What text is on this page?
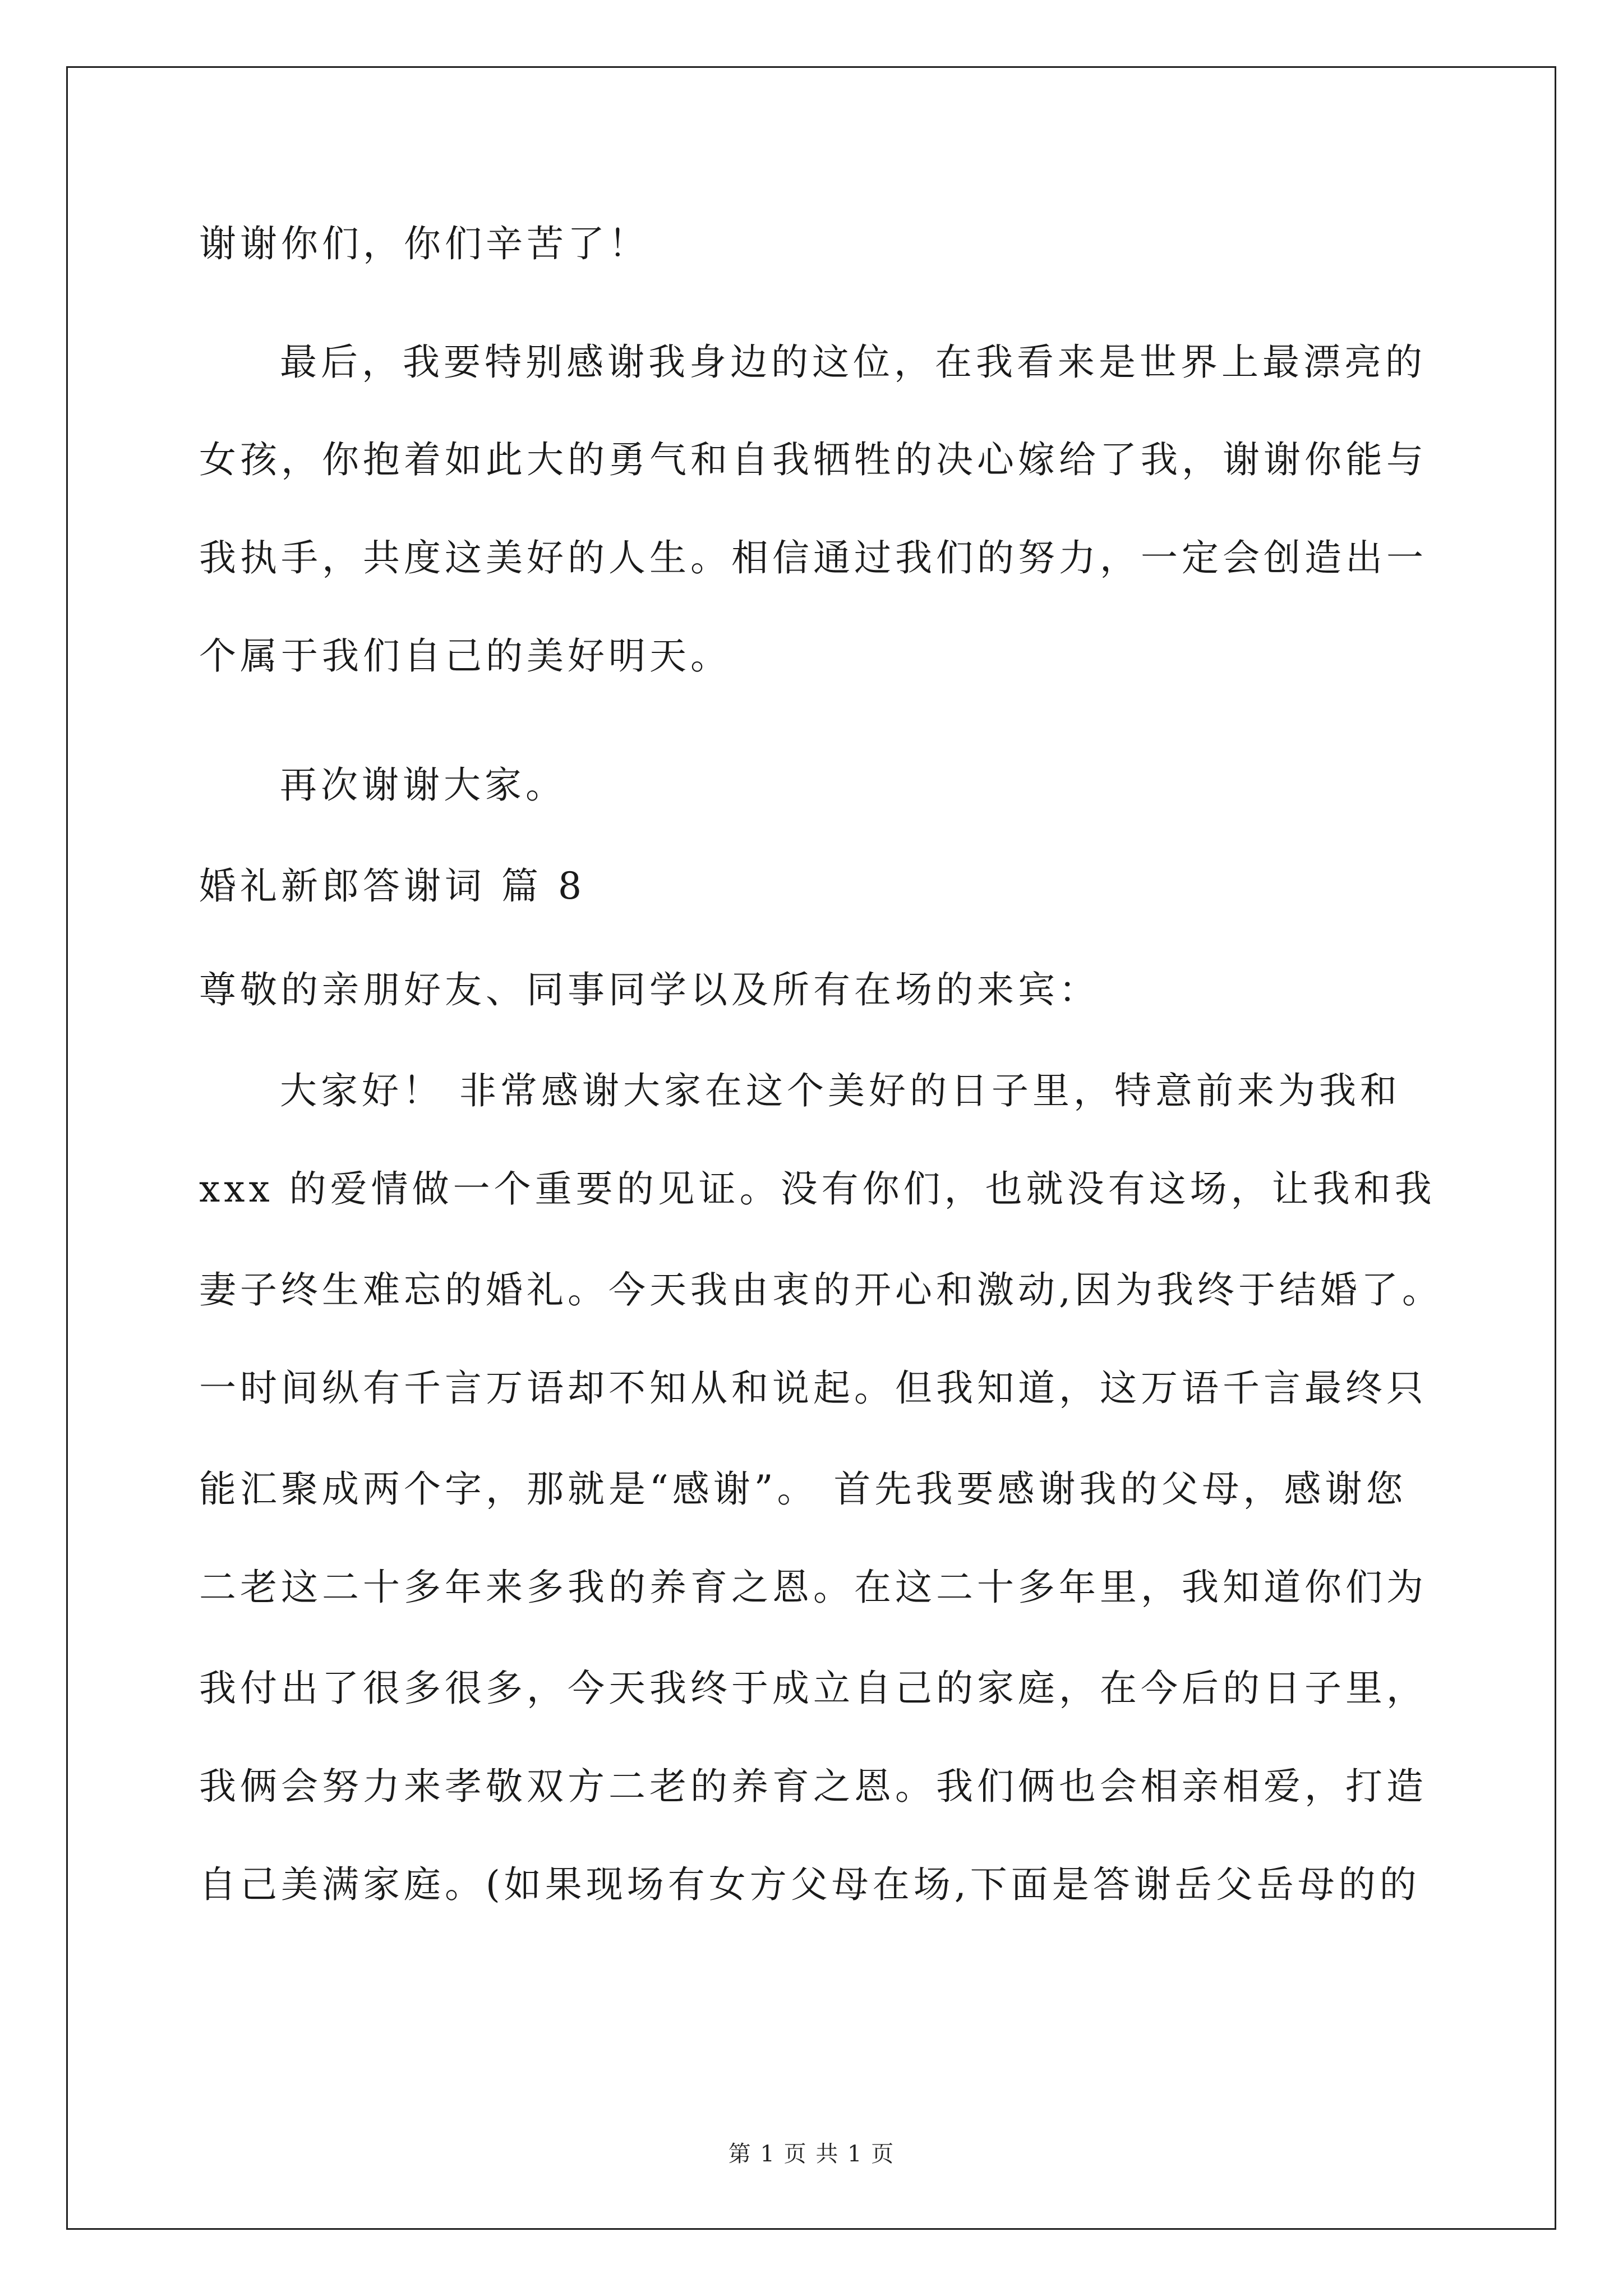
谢谢你们，你们辛苦了！
最后，我要特别感谢我身边的这位，在我看来是世界上最漂亮的
女孩，你抱着如此大的勇气和自我牺牲的决心嫁给了我，谢谢你能与
我执手，共度这美好的人生。相信通过我们的努力，一定会创造出一
个属于我们自己的美好明天。
再次谢谢大家。
婚礼新郎答谢词 篇 8
尊敬的亲朋好友、同事同学以及所有在场的来宾：
大家好！ 非常感谢大家在这个美好的日子里，特意前来为我和
xxx 的爱情做一个重要的见证。没有你们，也就没有这场，让我和我
妻子终生难忘的婚礼。今天我由衷的开心和激动,因为我终于结婚了。
一时间纵有千言万语却不知从和说起。但我知道，这万语千言最终只
能汇聚成两个字，那就是“感谢”。 首先我要感谢我的父母，感谢您
二老这二十多年来多我的养育之恩。在这二十多年里，我知道你们为
我付出了很多很多，今天我终于成立自己的家庭，在今后的日子里，
我俩会努力来孝敬双方二老的养育之恩。我们俩也会相亲相爱，打造
自己美满家庭。(如果现场有女方父母在场,下面是答谢岳父岳母的的
第 1 页 共 1 页
